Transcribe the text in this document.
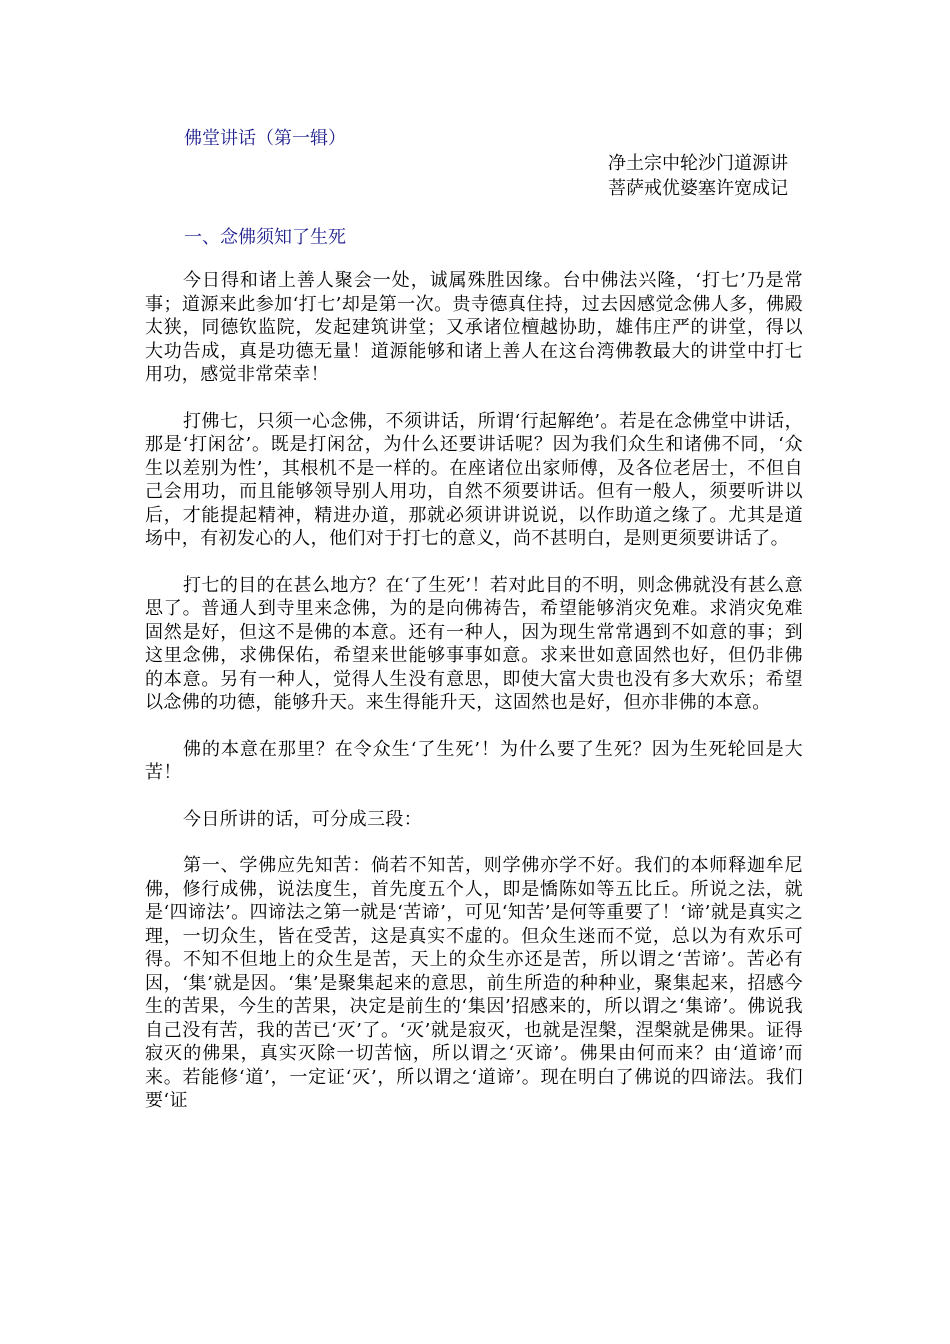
佛堂讲话（第一辑）
净土宗中轮沙门道源讲
菩萨戒优婆塞许宽成记
一、念佛须知了生死

今日得和诸上善人聚会一处，诚属殊胜因缘。台中佛法兴隆，‘打七’乃是常事；道源来此参加‘打七’却是第一次。贵寺德真住持，过去因感觉念佛人多，佛殿太狭，同德钦监院，发起建筑讲堂；又承诸位檀越协助，雄伟庄严的讲堂，得以大功告成，真是功德无量！道源能够和诸上善人在这台湾佛教最大的讲堂中打七用功，感觉非常荣幸！

打佛七，只须一心念佛，不须讲话，所谓‘行起解绝’。若是在念佛堂中讲话，那是‘打闲岔’。既是打闲岔，为什么还要讲话呢？因为我们众生和诸佛不同，‘众生以差别为性’，其根机不是一样的。在座诸位出家师傅，及各位老居士，不但自己会用功，而且能够领导别人用功，自然不须要讲话。但有一般人，须要听讲以后，才能提起精神，精进办道，那就必须讲讲说说，以作助道之缘了。尤其是道场中，有初发心的人，他们对于打七的意义，尚不甚明白，是则更须要讲话了。

打七的目的在甚么地方？在‘了生死’！若对此目的不明，则念佛就没有甚么意思了。普通人到寺里来念佛，为的是向佛祷告，希望能够消灾免难。求消灾免难固然是好，但这不是佛的本意。还有一种人，因为现生常常遇到不如意的事；到这里念佛，求佛保佑，希望来世能够事事如意。求来世如意固然也好，但仍非佛的本意。另有一种人，觉得人生没有意思，即使大富大贵也没有多大欢乐；希望以念佛的功德，能够升天。来生得能升天，这固然也是好，但亦非佛的本意。

佛的本意在那里？在令众生‘了生死’！为什么要了生死？因为生死轮回是大苦！

今日所讲的话，可分成三段：

第一、学佛应先知苦：倘若不知苦，则学佛亦学不好。我们的本师释迦牟尼佛，修行成佛，说法度生，首先度五个人，即是憍陈如等五比丘。所说之法，就是‘四谛法’。四谛法之第一就是‘苦谛’，可见‘知苦’是何等重要了！‘谛’就是真实之理，一切众生，皆在受苦，这是真实不虚的。但众生迷而不觉，总以为有欢乐可得。不知不但地上的众生是苦，天上的众生亦还是苦，所以谓之‘苦谛’。苦必有因，‘集’就是因。‘集’是聚集起来的意思，前生所造的种种业，聚集起来，招感今生的苦果，今生的苦果，决定是前生的‘集因’招感来的，所以谓之‘集谛’。佛说我自己没有苦，我的苦已‘灭’了。‘灭’就是寂灭，也就是涅槃，涅槃就是佛果。证得寂灭的佛果，真实灭除一切苦恼，所以谓之‘灭谛’。佛果由何而来？由‘道谛’而来。若能修‘道’，一定证‘灭’，所以谓之‘道谛’。现在明白了佛说的四谛法。我们要‘证
